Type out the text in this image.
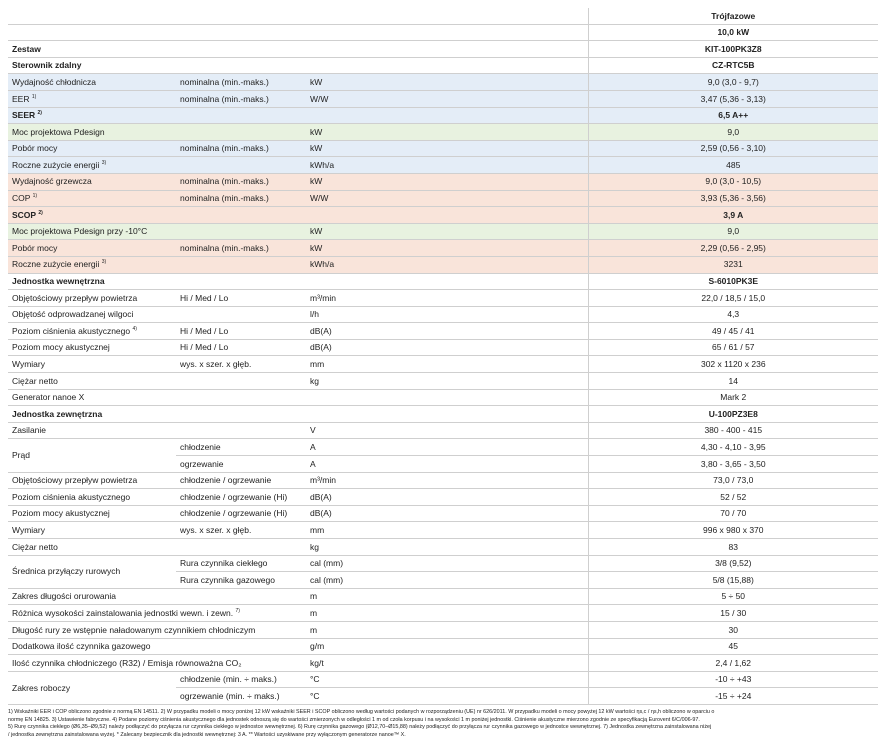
			Trójfazowe
			10,0 kW
Zestaw			KIT-100PK3Z8
Sterownik zdalny			CZ-RTC5B
Wydajność chłodnicza	nominalna (min.-maks.)	kW	9,0 (3,0 - 9,7)
EER $^{1)}$	nominalna (min.-maks.)	W/W	3,47 (5,36 - 3,13)
SEER $^{2)}$			6,5 A++
Moc projektowa Pdesign		kW	9,0
Pobór mocy	nominalna (min.-maks.)	kW	2,59 (0,56 - 3,10)
Roczne zużycie energii $^{3)}$		kWh/a	485
Wydajność grzewcza	nominalna (min.-maks.)	kW	9,0 (3,0 - 10,5)
COP $^{1)}$	nominalna (min.-maks.)	W/W	3,93 (5,36 - 3,56)
SCOP $^{2)}$			3,9 A
Moc projektowa Pdesign przy -10°C		kW	9,0
Pobór mocy	nominalna (min.-maks.)	kW	2,29 (0,56 - 2,95)
Roczne zużycie energii $^{3)}$		kWh/a	3231
Jednostka wewnętrzna			S-6010PK3E
Objętościowy przepływ powietrza	Hi / Med / Lo	m³/min	22,0 / 18,5 / 15,0
Objętość odprowadzanej wilgoci		l/h	4,3
Poziom ciśnienia akustycznego $^{4)}$	Hi / Med / Lo	dB(A)	49 / 45 / 41
Poziom mocy akustycznej	Hi / Med / Lo	dB(A)	65 / 61 / 57
Wymiary	wys. x szer. x głęb.	mm	302 x 1120 x 236
Ciężar netto		kg	14
Generator nanoe X			Mark 2
Jednostka zewnętrzna			U-100PZ3E8
Zasilanie		V	380 - 400 - 415
Prąd	chłodzenie	A	4,30 - 4,10 - 3,95
	ogrzewanie	A	3,80 - 3,65 - 3,50
Objętościowy przepływ powietrza	chłodzenie / ogrzewanie	m³/min	73,0 / 73,0
Poziom ciśnienia akustycznego	chłodzenie / ogrzewanie (Hi)	dB(A)	52 / 52
Poziom mocy akustycznej	chłodzenie / ogrzewanie (Hi)	dB(A)	70 / 70
Wymiary	wys. x szer. x głęb.	mm	996 x 980 x 370
Ciężar netto		kg	83
Średnica przyłączy rurowych	Rura czynnika ciekłego	cal (mm)	3/8 (9,52)
	Rura czynnika gazowego	cal (mm)	5/8 (15,88)
Zakres długości orurowania		m	5 ÷ 50
Różnica wysokości zainstalowania jednostki wewn. i zewn. $^{7)}$		m	15 / 30
Długość rury ze wstępnie naładowanym czynnikiem chłodniczym		m	30
Dodatkowa ilość czynnika gazowego		g/m	45
Ilość czynnika chłodniczego (R32) / Emisja równoważna CO₂		kg/t	2,4 / 1,62
Zakres roboczy	chłodzenie (min. ÷ maks.)	°C	-10 ÷ +43
	ogrzewanie (min. ÷ maks.)	°C	-15 ÷ +24
1) Wskaźniki EER i COP obliczono zgodnie z normą EN 14511. 2) W przypadku modeli o mocy poniżej 12 kW wskaźniki SEER i SCOP obliczono według wartości podanych w rozporządzeniu (UE) nr 626/2011. W przypadku modeli o mocy powyżej 12 kW wartości ηs,c / ηs,h obliczono w oparciu o
normę EN 14825. 3) Ustawienie fabryczne. 4) Podane poziomy ciśnienia akustycznego dla jednostek odnoszą się do wartości zmierzonych w odległości 1 m od czoła korpusu i na wysokości 1 m poniżej jednostki. Ciśnienie akustyczne mierzono zgodnie ze specyfikacją Eurovent 6/C/006-97.
5) Rurę czynnika ciekłego (Ø6,35–Ø9,52) należy podłączyć do przyłącza rur czynnika ciekłego w jednostce wewnętrznej. 6) Rurę czynnika gazowego (Ø12,70–Ø15,88) należy podłączyć do przyłącza rur czynnika gazowego w jednostce wewnętrznej. 7) Jednostka zewnętrzna zainstalowana niżej
/ jednostka zewnętrzna zainstalowana wyżej. * Zalecany bezpiecznik dla jednostki wewnętrznej: 3 A. ** Wartości uzyskiwane przy wyłączonym generatorze nanoe™ X.
